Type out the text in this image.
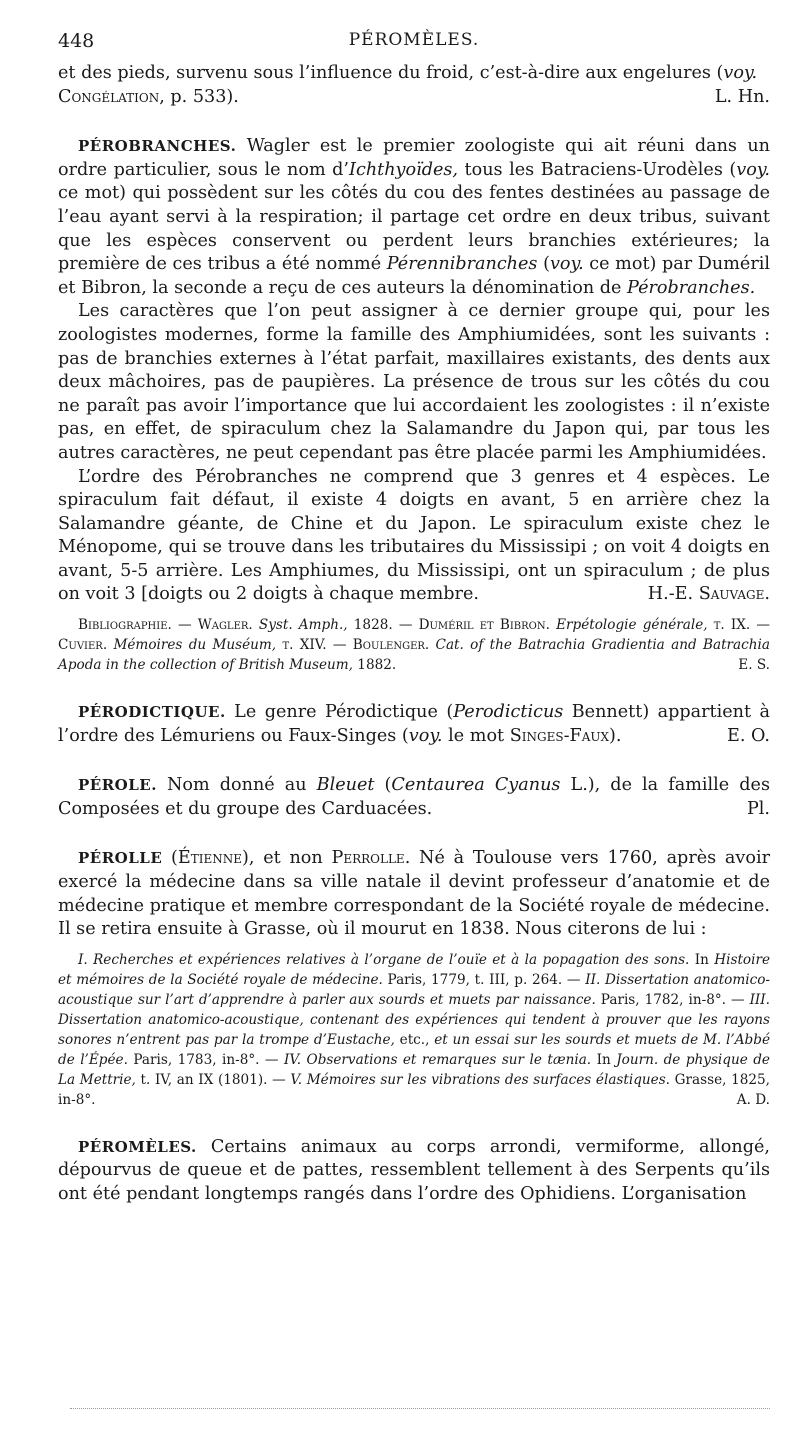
448	PÉROMÈLES.

et des pieds, survenu sous l’influence du froid, c’est-à-dire aux engelures (voy.
Congélation, p. 533).	L. Hn.

PÉROBRANCHES. Wagler est le premier zoologiste qui ait réuni dans un ordre particulier, sous le nom d’Ichthyoïdes, tous les Batraciens-Urodèles (voy. ce mot) qui possèdent sur les côtés du cou des fentes destinées au passage de l’eau ayant servi à la respiration; il partage cet ordre en deux tribus, suivant que les espèces conservent ou perdent leurs branchies extérieures; la première de ces tribus a été nommé Pérennibranches (voy. ce mot) par Duméril et Bibron, la seconde a reçu de ces auteurs la dénomination de Pérobranches.

Les caractères que l’on peut assigner à ce dernier groupe qui, pour les zoologistes modernes, forme la famille des Amphiumidées, sont les suivants : pas de branchies externes à l’état parfait, maxillaires existants, des dents aux deux mâchoires, pas de paupières. La présence de trous sur les côtés du cou ne paraît pas avoir l’importance que lui accordaient les zoologistes : il n’existe pas, en effet, de spiraculum chez la Salamandre du Japon qui, par tous les autres caractères, ne peut cependant pas être placée parmi les Amphiumidées.

L’ordre des Pérobranches ne comprend que 3 genres et 4 espèces. Le spiraculum fait défaut, il existe 4 doigts en avant, 5 en arrière chez la Salamandre géante, de Chine et du Japon. Le spiraculum existe chez le Ménopome, qui se trouve dans les tributaires du Mississipi ; on voit 4 doigts en avant, 5-5 arrière. Les Amphiumes, du Mississipi, ont un spiraculum ; de plus on voit 3 [doigts ou 2 doigts à chaque membre.	H.-E. Sauvage.

Bibliographie. — Wagler. Syst. Amph., 1828. — Duméril et Bibron. Erpétologie générale, t. IX. — Cuvier. Mémoires du Muséum, t. XIV. — Boulenger. Cat. of the Batrachia Gradientia and Batrachia Apoda in the collection of British Museum, 1882.	E. S.

PÉRODICTIQUE. Le genre Pérodictique (Perodicticus Bennett) appartient à l’ordre des Lémuriens ou Faux-Singes (voy. le mot Singes-Faux).	E. O.

PÉROLE. Nom donné au Bleuet (Centaurea Cyanus L.), de la famille des Composées et du groupe des Carduacées.	Pl.

PÉROLLE (Étienne), et non Perrolle. Né à Toulouse vers 1760, après avoir exercé la médecine dans sa ville natale il devint professeur d’anatomie et de médecine pratique et membre correspondant de la Société royale de médecine. Il se retira ensuite à Grasse, où il mourut en 1838. Nous citerons de lui :

I. Recherches et expériences relatives à l’organe de l’ouïe et à la popagation des sons. In Histoire et mémoires de la Société royale de médecine. Paris, 1779, t. III, p. 264. — II. Dissertation anatomico-acoustique sur l’art d’apprendre à parler aux sourds et muets par naissance. Paris, 1782, in-8°. — III. Dissertation anatomico-acoustique, contenant des expériences qui tendent à prouver que les rayons sonores n’entrent pas par la trompe d’Eustache, etc., et un essai sur les sourds et muets de M. l’Abbé de l’Épée. Paris, 1783, in-8°. — IV. Observations et remarques sur le tænia. In Journ. de physique de La Mettrie, t. IV, an IX (1801). — V. Mémoires sur les vibrations des surfaces élastiques. Grasse, 1825, in-8°.	A. D.

PÉROMÈLES. Certains animaux au corps arrondi, vermiforme, allongé, dépourvus de queue et de pattes, ressemblent tellement à des Serpents qu’ils ont été pendant longtemps rangés dans l’ordre des Ophidiens. L’organisation
